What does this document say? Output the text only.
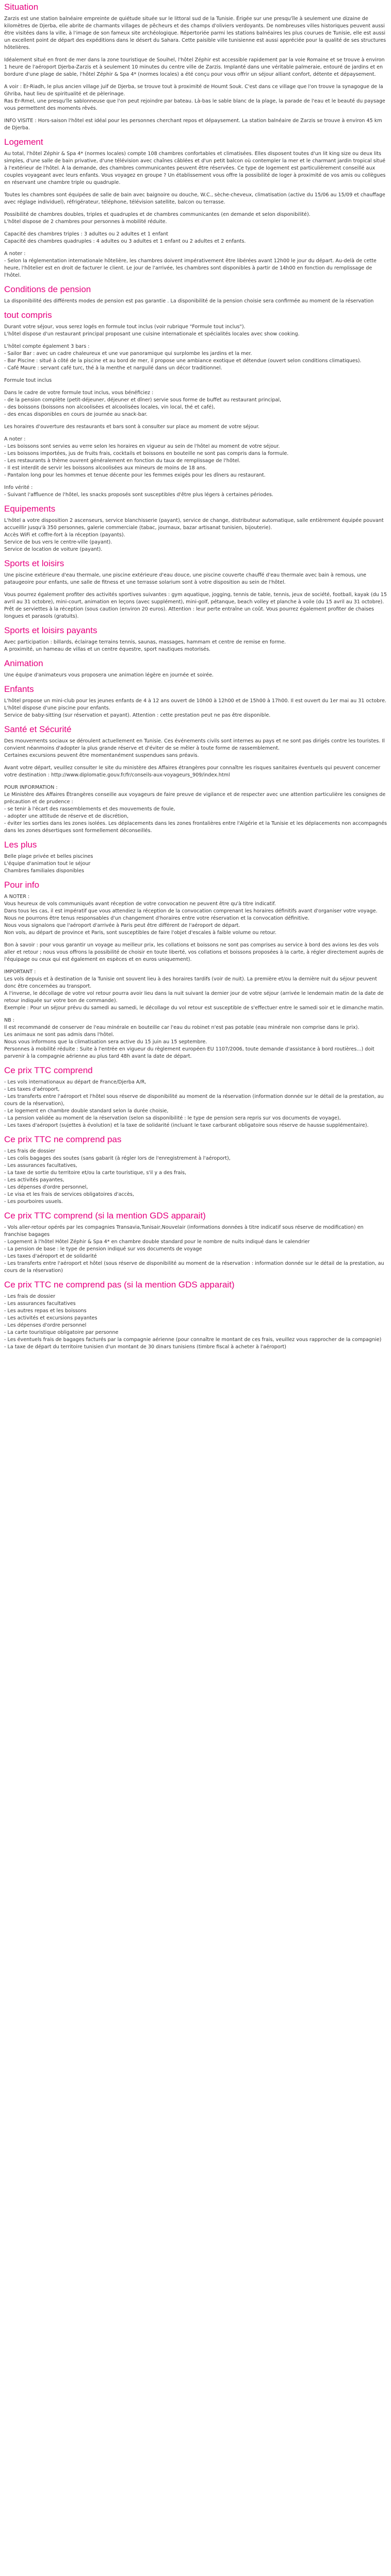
Situation

Zarzis est une station balnéaire empreinte de quiétude située sur le littoral sud de la Tunisie. Érigée sur une presqu'île à seulement une dizaine de kilomètres de Djerba, elle abrite de charmants villages de pêcheurs et des champs d'oliviers verdoyants. De nombreuses villes historiques peuvent aussi être visitées dans la ville, à l'image de son fameux site archéologique. Répertoriée parmi les stations balnéaires les plus courues de Tunisie, elle est aussi un excellent point de départ des expéditions dans le désert du Sahara. Cette paisible ville tunisienne est aussi appréciée pour la qualité de ses structures hôtelières.

Idéalement situé en front de mer dans la zone touristique de Souihel, l'hôtel Zéphir est accessible rapidement par la voie Romaine et se trouve à environ 1 heure de l'aéroport Djerba-Zarzis et à seulement 10 minutes du centre ville de Zarzis. Implanté dans une véritable palmeraie, entouré de jardins et en bordure d'une plage de sable, l'hôtel Zéphir & Spa 4* (normes locales) a été conçu pour vous offrir un séjour alliant confort, détente et dépaysement.

A voir : Er-Riadh, le plus ancien village juif de Djerba, se trouve tout à proximité de Houmt Souk. C'est dans ce village que l'on trouve la synagogue de la Ghriba, haut lieu de spiritualité et de pèlerinage.
Ras Er-Rmel, une presqu'île sablonneuse que l'on peut rejoindre par bateau. Là-bas le sable blanc de la plage, la parade de l'eau et le beauté du paysage vous permettent des moments rêvés.

INFO VISITE : Hors-saison l'hôtel est idéal pour les personnes cherchant repos et dépaysement. La station balnéaire de Zarzis se trouve à environ 45 km de Djerba.

Logement

Au total, l'hôtel Zéphir & Spa 4* (normes locales) compte 108 chambres confortables et climatisées. Elles disposent toutes d'un lit king size ou deux lits simples, d'une salle de bain privative, d'une télévision avec chaînes câblées et d'un petit balcon où contempler la mer et le charmant jardin tropical situé à l'extérieur de l'hôtel. À la demande, des chambres communicantes peuvent être réservées. Ce type de logement est particulièrement conseillé aux couples voyageant avec leurs enfants. Vous voyagez en groupe ? Un établissement vous offre la possibilité de loger à proximité de vos amis ou collègues en réservant une chambre triple ou quadruple.

Toutes les chambres sont équipées de salle de bain avec baignoire ou douche, W.C., sèche-cheveux, climatisation (active du 15/06 au 15/09 et chauffage avec réglage individuel), réfrigérateur, téléphone, télévision satellite, balcon ou terrasse.

Possibilité de chambres doubles, triples et quadruples et de chambres communicantes (en demande et selon disponibilité).
L'hôtel dispose de 2 chambres pour personnes à mobilité réduite.

Capacité des chambres triples : 3 adultes ou 2 adultes et 1 enfant
Capacité des chambres quadruples : 4 adultes ou 3 adultes et 1 enfant ou 2 adultes et 2 enfants.

A noter :
- Selon la réglementation internationale hôtelière, les chambres doivent impérativement être libérées avant 12h00 le jour du départ. Au-delà de cette heure, l'hôtelier est en droit de facturer le client. Le jour de l'arrivée, les chambres sont disponibles à partir de 14h00 en fonction du remplissage de l'hôtel.

Conditions de pension

La disponibilité des différents modes de pension est pas garantie . La disponibilité de la pension choisie sera confirmée au moment de la réservation

tout compris

Durant votre séjour, vous serez logés en formule tout inclus (voir rubrique "Formule tout inclus").
L'hôtel dispose d'un restaurant principal proposant une cuisine internationale et spécialités locales avec show cooking.

L'hôtel compte également 3 bars :
- Sailor Bar : avec un cadre chaleureux et une vue panoramique qui surplombe les jardins et la mer.
- Bar Piscine : situé à côté de la piscine et au bord de mer, il propose une ambiance exotique et détendue (ouvert selon conditions climatiques).
- Café Maure : servant café turc, thé à la menthe et narguilé dans un décor traditionnel.

Formule tout inclus

Dans le cadre de votre formule tout inclus, vous bénéficiez :
- de la pension complète (petit-déjeuner, déjeuner et dîner) servie sous forme de buffet au restaurant principal,
- des boissons (boissons non alcoolisées et alcoolisées locales, vin local, thé et café),
- des encas disponibles en cours de journée au snack-bar.

Les horaires d'ouverture des restaurants et bars sont à consulter sur place au moment de votre séjour.

A noter :
- Les boissons sont servies au verre selon les horaires en vigueur au sein de l'hôtel au moment de votre séjour.
- Les boissons importées, jus de fruits frais, cocktails et boissons en bouteille ne sont pas compris dans la formule.
- Les restaurants à thème ouvrent généralement en fonction du taux de remplissage de l'hôtel.
- Il est interdit de servir les boissons alcoolisées aux mineurs de moins de 18 ans.
- Pantalon long pour les hommes et tenue décente pour les femmes exigés pour les dîners au restaurant.

Info vérité :
- Suivant l'affluence de l'hôtel, les snacks proposés sont susceptibles d'être plus légers à certaines périodes.

Equipements

L'hôtel a votre disposition 2 ascenseurs, service blanchisserie (payant), service de change, distributeur automatique, salle entièrement équipée pouvant accueillir jusqu'à 350 personnes, galerie commerciale (tabac, journaux, bazar artisanat tunisien, bijouterie).
Accès WiFi et coffre-fort à la réception (payants).
Service de bus vers le centre-ville (payant).
Service de location de voiture (payant).

Sports et loisirs

Une piscine extérieure d'eau thermale, une piscine extérieure d'eau douce, une piscine couverte chauffé d'eau thermale avec bain à remous, une pataugeoire pour enfants, une salle de fitness et une terrasse solarium sont à votre disposition au sein de l'hôtel.

Vous pourrez également profiter des activités sportives suivantes : gym aquatique, jogging, tennis de table, tennis, jeux de société, football, kayak (du 15 avril au 31 octobre), mini-court, animation en leçons (avec supplément), mini-golf, pétanque, beach volley et planche à voile (du 15 avril au 31 octobre).
Prêt de serviettes à la réception (sous caution (environ 20 euros). Attention : leur perte entraîne un coût. Vous pourrez également profiter de chaises longues et parasols (gratuits).

Sports et loisirs payants

Avec participation : billards, éclairage terrains tennis, saunas, massages, hammam et centre de remise en forme.
A proximité, un hameau de villas et un centre équestre, sport nautiques motorisés.

Animation

Une équipe d'animateurs vous proposera une animation légère en journée et soirée.

Enfants

L'hôtel propose un mini-club pour les jeunes enfants de 4 à 12 ans ouvert de 10h00 à 12h00 et de 15h00 à 17h00. Il est ouvert du 1er mai au 31 octobre.
L'hôtel dispose d'une piscine pour enfants.
Service de baby-sitting (sur réservation et payant). Attention : cette prestation peut ne pas être disponible.

Santé et Sécurité

Des mouvements sociaux se déroulent actuellement en Tunisie. Ces événements civils sont internes au pays et ne sont pas dirigés contre les touristes. Il convient néanmoins d'adopter la plus grande réserve et d'éviter de se mêler à toute forme de rassemblement.
Certaines excursions peuvent être momentanément suspendues sans préavis.

Avant votre départ, veuillez consulter le site du ministère des Affaires étrangères pour connaître les risques sanitaires éventuels qui peuvent concerner votre destination : http://www.diplomatie.gouv.fr/fr/conseils-aux-voyageurs_909/index.html

POUR INFORMATION :
Le Ministère des Affaires Étrangères conseille aux voyageurs de faire preuve de vigilance et de respecter avec une attention particulière les consignes de précaution et de prudence :
- se tenir à l'écart des rassemblements et des mouvements de foule,
- adopter une attitude de réserve et de discrétion,
- éviter les sorties dans les zones isolées. Les déplacements dans les zones frontalières entre l'Algérie et la Tunisie et les déplacements non accompagnés dans les zones désertiques sont formellement déconseillés.

Les plus

Belle plage privée et belles piscines
L'équipe d'animation tout le séjour
Chambres familiales disponibles

Pour info

A NOTER :
Vous heureux de vols communiqués avant réception de votre convocation ne peuvent être qu'à titre indicatif.
Dans tous les cas, il est impératif que vous attendiez la réception de la convocation comprenant les horaires définitifs avant d'organiser votre voyage.
Nous ne pourrons être tenus responsables d'un changement d'horaires entre votre réservation et la convocation définitive.
Nous vous signalons que l'aéroport d'arrivée à Paris peut être différent de l'aéroport de départ.
Non vols, au départ de province et Paris, sont susceptibles de faire l'objet d'escales à faible volume ou retour.

Bon à savoir : pour vous garantir un voyage au meilleur prix, les collations et boissons ne sont pas comprises au service à bord des avions les des vols aller et retour ; nous vous offrons la possibilité de choisir en toute liberté, vos collations et boissons proposées à la carte, à régler directement auprès de l'équipage ou ceux qui est également en espèces et en euros uniquement).

IMPORTANT :
Les vols depuis et à destination de la Tunisie ont souvent lieu à des horaires tardifs (voir de nuit). La première et/ou la dernière nuit du séjour peuvent donc être concernées au transport.
A l'inverse, le décollage de votre vol retour pourra avoir lieu dans la nuit suivant la dernier jour de votre séjour (arrivée le lendemain matin de la date de retour indiquée sur votre bon de commande).
Exemple : Pour un séjour prévu du samedi au samedi, le décollage du vol retour est susceptible de s'effectuer entre le samedi soir et le dimanche matin.

NB :
Il est recommandé de conserver de l'eau minérale en bouteille car l'eau du robinet n'est pas potable (eau minérale non comprise dans le prix).
Les animaux ne sont pas admis dans l'hôtel.
Nous vous informons que la climatisation sera active du 15 juin au 15 septembre.
Personnes à mobilité réduite : Suite à l'entrée en vigueur du règlement européen EU 1107/2006, toute demande d'assistance à bord routières...) doit parvenir à la compagnie aérienne au plus tard 48h avant la date de départ.

Ce prix TTC comprend

- Les vols internationaux au départ de France/Djerba A/R,
- Les taxes d'aéroport,
- Les transferts entre l'aéroport et l'hôtel sous réserve de disponibilité au moment de la réservation (information donnée sur le détail de la prestation, au cours de la réservation),
- Le logement en chambre double standard selon la durée choisie,
- La pension validée au moment de la réservation (selon sa disponibilité : le type de pension sera repris sur vos documents de voyage),
- Les taxes d'aéroport (sujettes à évolution) et la taxe de solidarité (incluant le taxe carburant obligatoire sous réserve de hausse supplémentaire).

Ce prix TTC ne comprend pas

- Les frais de dossier
- Les colis bagages des soutes (sans gabarit (à régler lors de l'enregistrement à l'aéroport),
- Les assurances facultatives,
- La taxe de sortie du territoire et/ou la carte touristique, s'il y a des frais,
- Les activités payantes,
- Les dépenses d'ordre personnel,
- Le visa et les frais de services obligatoires d'accès,
- Les pourboires usuels.

Ce prix TTC comprend (si la mention GDS apparait)

- Vols aller-retour opérés par les compagnies Transavia,Tunisair,Nouvelair (informations données à titre indicatif sous réserve de modification) en franchise bagages
- Logement à l'hôtel Hôtel Zéphir & Spa 4* en chambre double standard pour le nombre de nuits indiqué dans le calendrier
- La pension de base : le type de pension indiqué sur vos documents de voyage
- Les taxes d'aéroport et de solidarité
- Les transferts entre l'aéroport et hôtel (sous réserve de disponibilité au moment de la réservation : information donnée sur le détail de la prestation, au cours de la réservation)

Ce prix TTC ne comprend pas (si la mention GDS apparait)

- Les frais de dossier
- Les assurances facultatives
- Les autres repas et les boissons
- Les activités et excursions payantes
- Les dépenses d'ordre personnel
- La carte touristique obligatoire par personne
- Les éventuels frais de bagages facturés par la compagnie aérienne (pour connaître le montant de ces frais, veuillez vous rapprocher de la compagnie)
- La taxe de départ du territoire tunisien d'un montant de 30 dinars tunisiens (timbre fiscal à acheter à l'aéroport)
